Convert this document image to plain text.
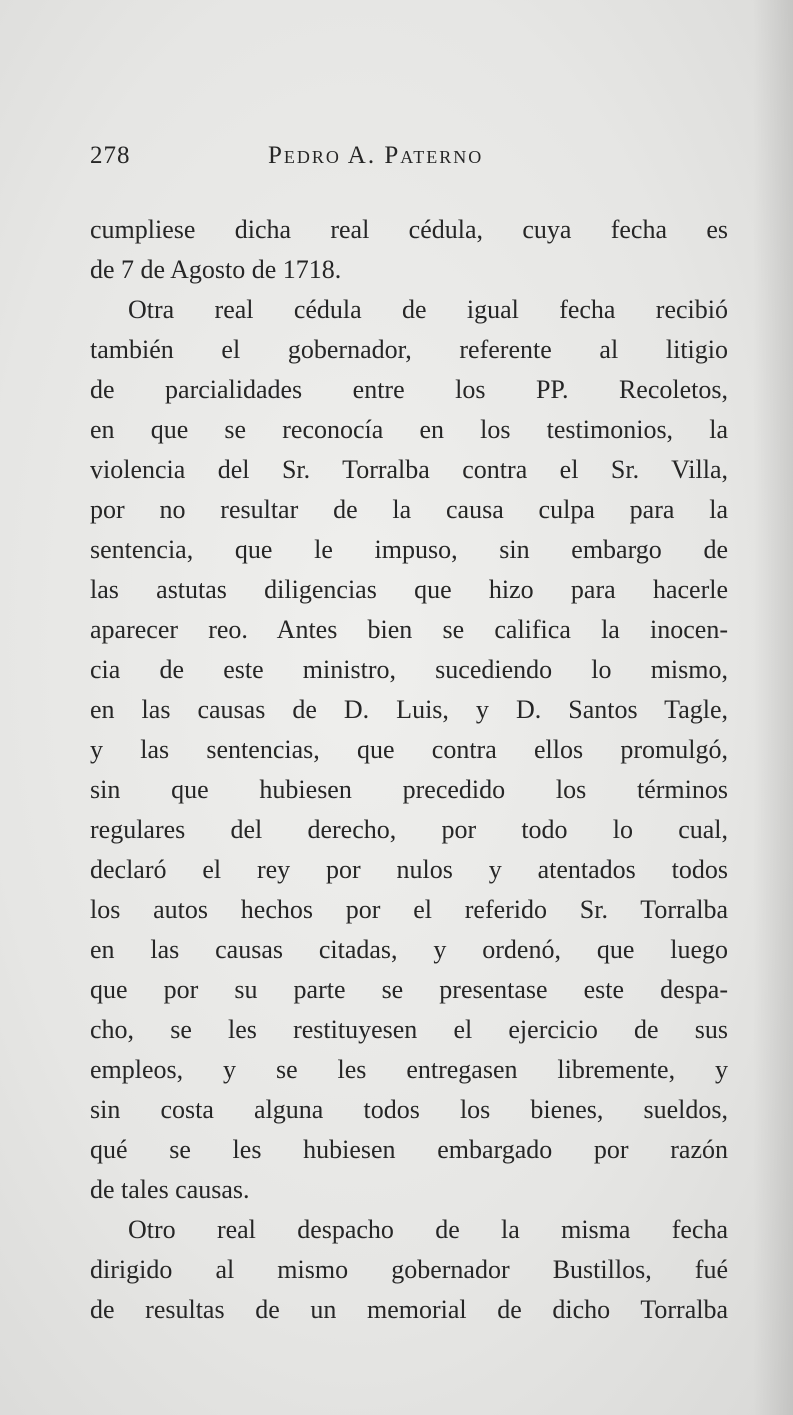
278	Pedro A. Paterno
cumpliese dicha real cédula, cuya fecha es
de 7 de Agosto de 1718.
Otra real cédula de igual fecha recibió
también el gobernador, referente al litigio
de parcialidades entre los PP. Recoletos,
en que se reconocía en los testimonios, la
violencia del Sr. Torralba contra el Sr. Villa,
por no resultar de la causa culpa para la
sentencia, que le impuso, sin embargo de
las astutas diligencias que hizo para hacerle
aparecer reo. Antes bien se califica la inocen-
cia de este ministro, sucediendo lo mismo,
en las causas de D. Luis, y D. Santos Tagle,
y las sentencias, que contra ellos promulgó,
sin que hubiesen precedido los términos
regulares del derecho, por todo lo cual,
declaró el rey por nulos y atentados todos
los autos hechos por el referido Sr. Torralba
en las causas citadas, y ordenó, que luego
que por su parte se presentase este despa-
cho, se les restituyesen el ejercicio de sus
empleos, y se les entregasen libremente, y
sin costa alguna todos los bienes, sueldos,
qué se les hubiesen embargado por razón
de tales causas.
Otro real despacho de la misma fecha
dirigido al mismo gobernador Bustillos, fué
de resultas de un memorial de dicho Torralba
